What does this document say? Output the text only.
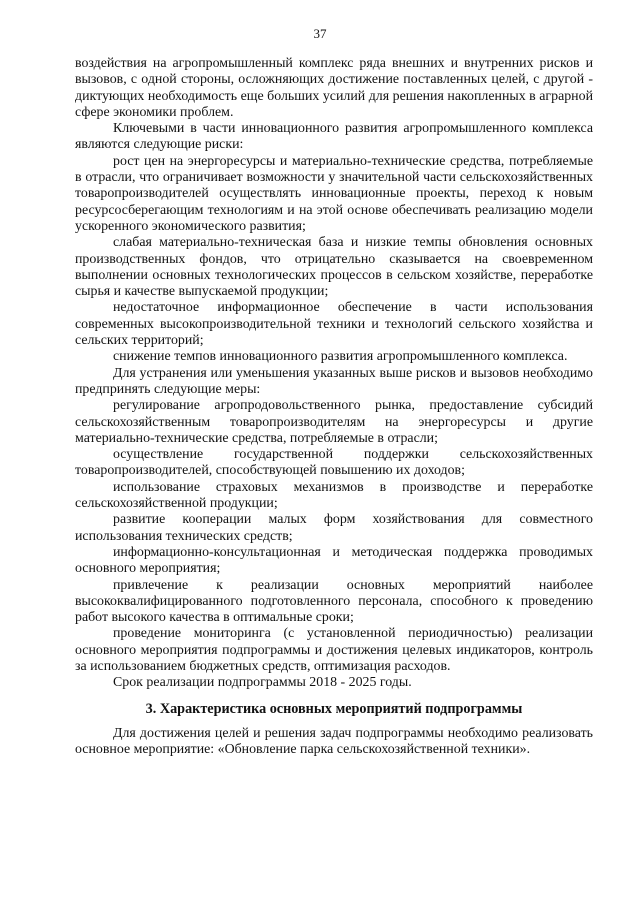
37

воздействия на агропромышленный комплекс ряда внешних и внутренних рисков и вызовов, с одной стороны, осложняющих достижение поставленных целей, с другой - диктующих необходимость еще больших усилий для решения накопленных в аграрной сфере экономики проблем.

Ключевыми в части инновационного развития агропромышленного комплекса являются следующие риски:

рост цен на энергоресурсы и материально-технические средства, потребляемые в отрасли, что ограничивает возможности у значительной части сельскохозяйственных товаропроизводителей осуществлять инновационные проекты, переход к новым ресурсосберегающим технологиям и на этой основе обеспечивать реализацию модели ускоренного экономического развития;

слабая материально-техническая база и низкие темпы обновления основных производственных фондов, что отрицательно сказывается на своевременном выполнении основных технологических процессов в сельском хозяйстве, переработке сырья и качестве выпускаемой продукции;

недостаточное информационное обеспечение в части использования современных высокопроизводительной техники и технологий сельского хозяйства и сельских территорий;

снижение темпов инновационного развития агропромышленного комплекса.

Для устранения или уменьшения указанных выше рисков и вызовов необходимо предпринять следующие меры:

регулирование агропродовольственного рынка, предоставление субсидий сельскохозяйственным товаропроизводителям на энергоресурсы и другие материально-технические средства, потребляемые в отрасли;

осуществление государственной поддержки сельскохозяйственных товаропроизводителей, способствующей повышению их доходов;

использование страховых механизмов в производстве и переработке сельскохозяйственной продукции;

развитие кооперации малых форм хозяйствования для совместного использования технических средств;

информационно-консультационная и методическая поддержка проводимых основного мероприятия;

привлечение к реализации основных мероприятий наиболее высококвалифицированного подготовленного персонала, способного к проведению работ высокого качества в оптимальные сроки;

проведение мониторинга (с установленной периодичностью) реализации основного мероприятия подпрограммы и достижения целевых индикаторов, контроль за использованием бюджетных средств, оптимизация расходов.

Срок реализации подпрограммы 2018 - 2025 годы.

3. Характеристика основных мероприятий подпрограммы

Для достижения целей и решения задач подпрограммы необходимо реализовать основное мероприятие: «Обновление парка сельскохозяйственной техники».
